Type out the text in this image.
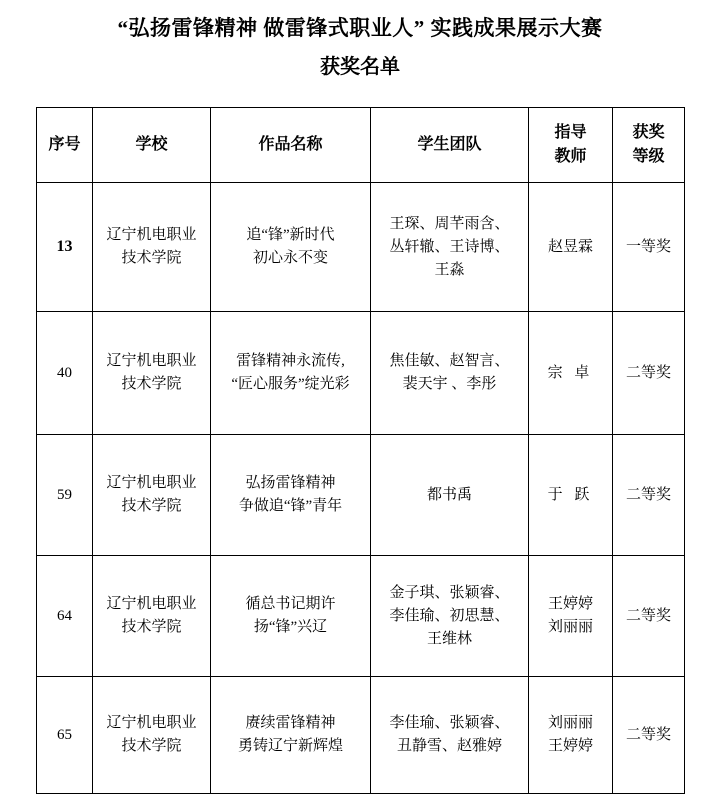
“弘扬雷锋精神 做雷锋式职业人” 实践成果展示大赛
获奖名单
序号	学校	作品名称	学生团队	指导
教师	获奖
等级

13	辽宁机电职业
技术学院	追“锋”新时代
初心永不变	王琛、周芊雨含、
丛轩辙、王诗博、
王淼	赵昱霖	一等奖
40	辽宁机电职业
技术学院	雷锋精神永流传,
“匠心服务”绽光彩	焦佳敏、赵智言、
裴天宇 、李彤	宗 卓	二等奖
59	辽宁机电职业
技术学院	弘扬雷锋精神
争做追“锋”青年	都书禹	于 跃	二等奖
64	辽宁机电职业
技术学院	循总书记期许
扬“锋”兴辽	金子琪、张颖睿、
李佳瑜、初思慧、
王维林	王婷婷
刘丽丽	二等奖
65	辽宁机电职业
技术学院	赓续雷锋精神
勇铸辽宁新辉煌	李佳瑜、张颖睿、
丑静雪、赵雅婷	刘丽丽
王婷婷	二等奖
